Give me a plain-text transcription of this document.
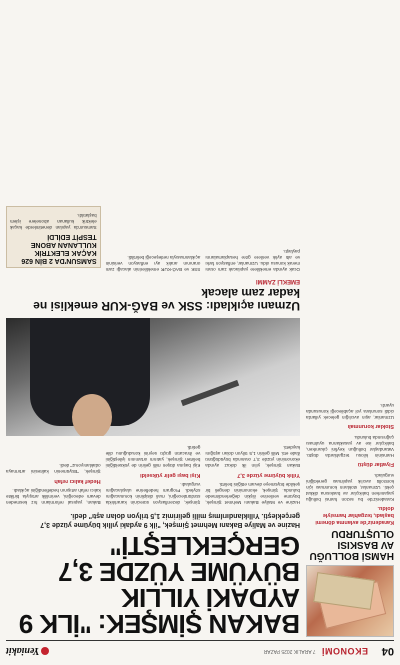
04
EKONOMİ
7 ARALIK 2025 PAZAR
Yeniakit
HAMSİ BOLLUĞU AV BASKISI OLUŞTURDU
Karadeniz'de avlanma dönemi başladı, tezgahlar hamsiyle doldu.

Karadeniz'de bu sezon hamsi bolluğu yaşanırken balıkçılar av baskısına dikkat çekti. Uzmanlar, stokların korunması için kontrollü avcılık yapılması gerektiğini vurguladı.

Fiyatlar düştü

Hamsinin kilosu tezgahlarda düştü. Vatandaşlar bolluğun keyfini çıkarırken, balıkçılar ise av yasaklarına uyulması çağrısında bulundu.

Stoklar korunmalı

Uzmanlar, aşırı avcılığın gelecek yıllarda ciddi sorunlara yol açabileceği konusunda uyardı.

BAKAN ŞİMŞEK: "İLK 9 AYDAKİ YILLIK BÜYÜME YÜZDE 3,7 GERÇEKLEŞTİ"
Hazine ve Maliye Bakanı Mehmet Şimşek, "ilk 9 aydaki yıllık büyüme yüzde 3,7 gerçekleşti. Yıllıklandırılmış milli gelirimiz 1,5 trilyon doları aştı" dedi.

Hazine ve Maliye Bakanı Mehmet Şimşek, büyüme verilerine ilişkin değerlendirmede bulundu. Şimşek, ekonominin dengeli bir şekilde büyümeye devam ettiğini belirtti.

Yıllık büyüme yüzde 3,7

Bakan Şimşek, yılın ilk dokuz ayında ekonominin yüzde 3,7 oranında büyüdüğünü ifade etti. Milli gelirin 1,5 trilyon doları aştığını kaydetti.

Şimşek, dezenflasyon sürecinin kararlılıkla sürdürüleceğini, mali disiplinin korunacağını söyledi. Program hedeflerine ulaşılacağını vurguladı.

Kişi başı gelir yükseldi

Kişi başına düşen milli gelirin de yükseldiğini belirten Şimşek, yatırım ortamının iyileştiğini ve ihracatın güçlü seyrini koruduğunu dile getirdi.

Bakan, yapısal reformların hız kesmeden devam edeceğini, verimlilik artışıyla birlikte kalıcı refah artışının hedeflendiğini açıkladı.

Hedef kalıcı refah

Şimşek, "Büyümenin kalitesini artırmaya odaklanıyoruz" dedi.

Uzmanı açıkladı: SSK ve BAĞ-KUR emeklisi ne kadar zam alacak
EMEKLİ ZAMMI

Ocak ayında emeklilere yapılacak zam oranı merak konusu oldu. Uzmanlar, enflasyon farkı ve altı aylık verilere göre hesaplamalarını paylaştı.

SSK ve BAĞ-KUR emeklilerinin alacağı zam oranının aralık ayı enflasyon verisinin açıklanmasıyla netleşeceği belirtildi.

SAMSUN'DA 2 BİN 626 KAÇAK ELEKTRİK KULLANAN ABONE TESPİT EDİLDİ

Samsun'da yapılan denetimlerde kaçak elektrik kullanan abonelere işlem başlatıldı.
